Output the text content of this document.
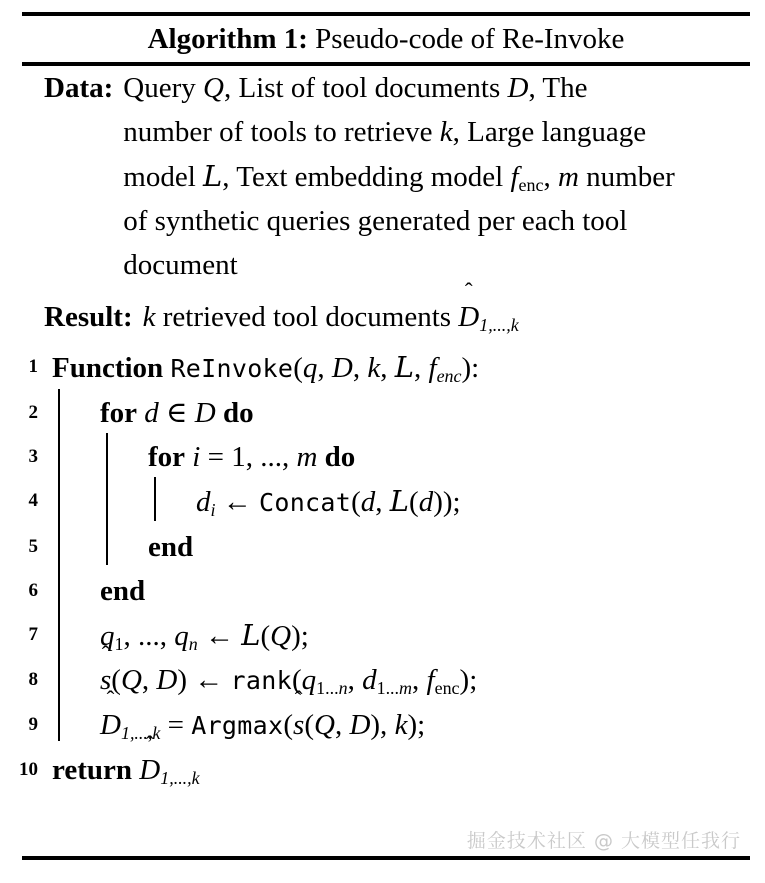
Algorithm 1: Pseudo-code of Re-Invoke
Data: Query Q, List of tool documents D, The number of tools to retrieve k, Large language model L, Text embedding model $f_{enc}$, m number of synthetic queries generated per each tool document
Result: k retrieved tool documents
$D_{1,...,k}$
1 Function ReInvoke(q, D, k, L, $f_{enc}$):
2	for d ∈ D do
3	for i = 1, ..., m do
4	$d_i$ ← Concat(d, L(d));
5	end
6	end
7	$q_1$, ..., $q_n$ ← L(Q);
8	s(Q, D) ← $rank(q_{1...n}$, $d_{1...m}$, $f_{enc}$);
9	$D_{1,...,k} = Argmax$(
s(Q, D), k);
10 return $D_{1,...,k}$
掘金技术社区 @ 大模型任我行
